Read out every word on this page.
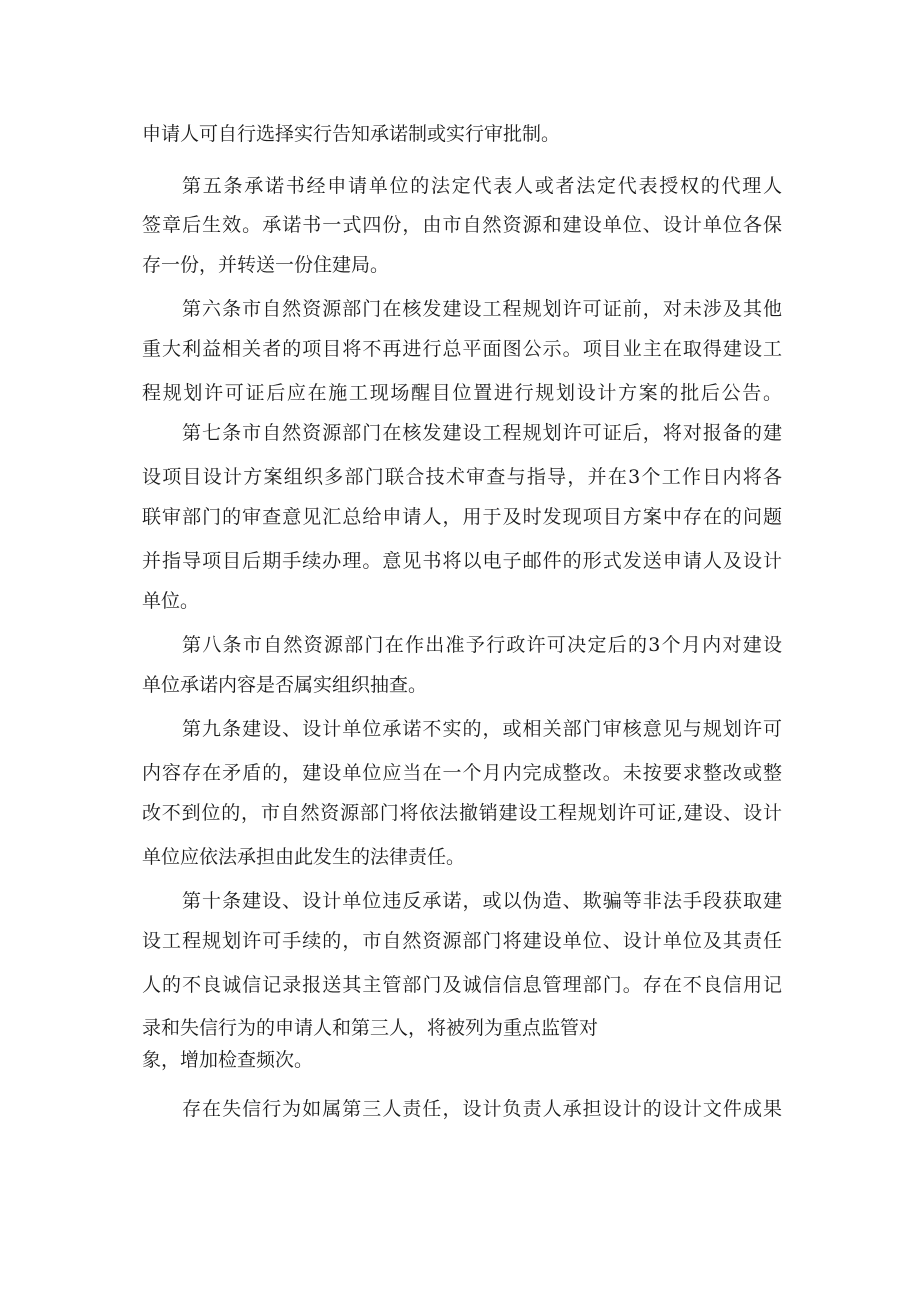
申请人可自行选择实行告知承诺制或实行审批制。
第五条承诺书经申请单位的法定代表人或者法定代表授权的代理人
签章后生效。承诺书一式四份，由市自然资源和建设单位、设计单位各保
存一份，并转送一份住建局。
第六条市自然资源部门在核发建设工程规划许可证前，对未涉及其他
重大利益相关者的项目将不再进行总平面图公示。项目业主在取得建设工
程规划许可证后应在施工现场醒目位置进行规划设计方案的批后公告。
第七条市自然资源部门在核发建设工程规划许可证后，将对报备的建
设项目设计方案组织多部门联合技术审查与指导，并在3个工作日内将各
联审部门的审查意见汇总给申请人，用于及时发现项目方案中存在的问题
并指导项目后期手续办理。意见书将以电子邮件的形式发送申请人及设计
单位。
第八条市自然资源部门在作出准予行政许可决定后的3个月内对建设
单位承诺内容是否属实组织抽查。
第九条建设、设计单位承诺不实的，或相关部门审核意见与规划许可
内容存在矛盾的，建设单位应当在一个月内完成整改。未按要求整改或整
改不到位的，市自然资源部门将依法撤销建设工程规划许可证,建设、设计
单位应依法承担由此发生的法律责任。
第十条建设、设计单位违反承诺，或以伪造、欺骗等非法手段获取建
设工程规划许可手续的，市自然资源部门将建设单位、设计单位及其责任
人的不良诚信记录报送其主管部门及诚信信息管理部门。存在不良信用记
录和失信行为的申请人和第三人，将被列为重点监管对
象，增加检查频次。
存在失信行为如属第三人责任，设计负责人承担设计的设计文件成果
